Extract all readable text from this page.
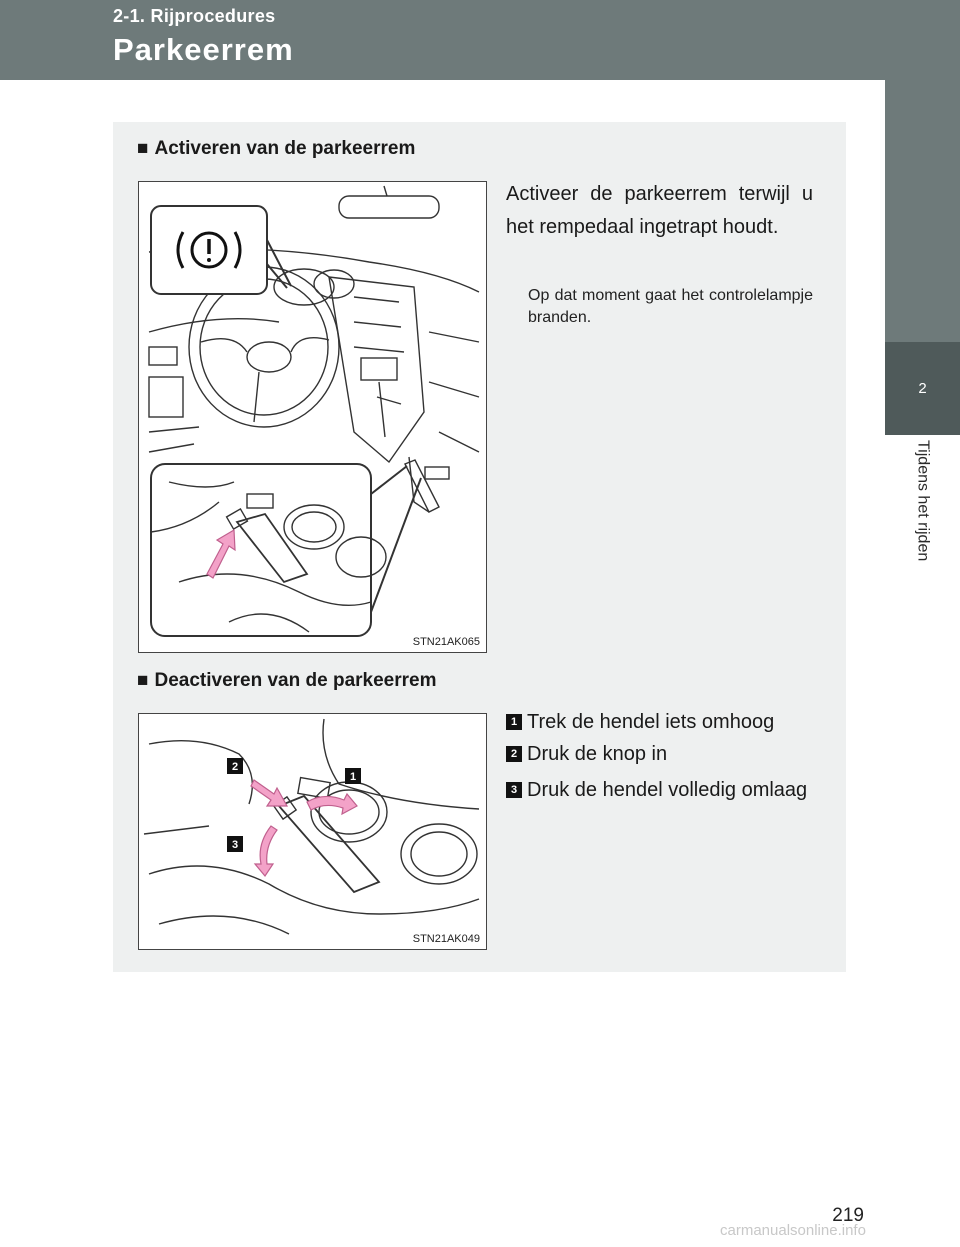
2-1. Rijprocedures
Parkeerrem
2
Tijdens het rijden
■ Activeren van de parkeerrem
STN21AK065
Activeer de parkeerrem terwijl u het rempedaal ingetrapt houdt.
Op dat moment gaat het controlelampje branden.
■ Deactiveren van de parkeerrem
2
1
3
STN21AK049
1 Trek de hendel iets omhoog
2 Druk de knop in
3 Druk de hendel volledig omlaag
219
carmanualsonline.info
